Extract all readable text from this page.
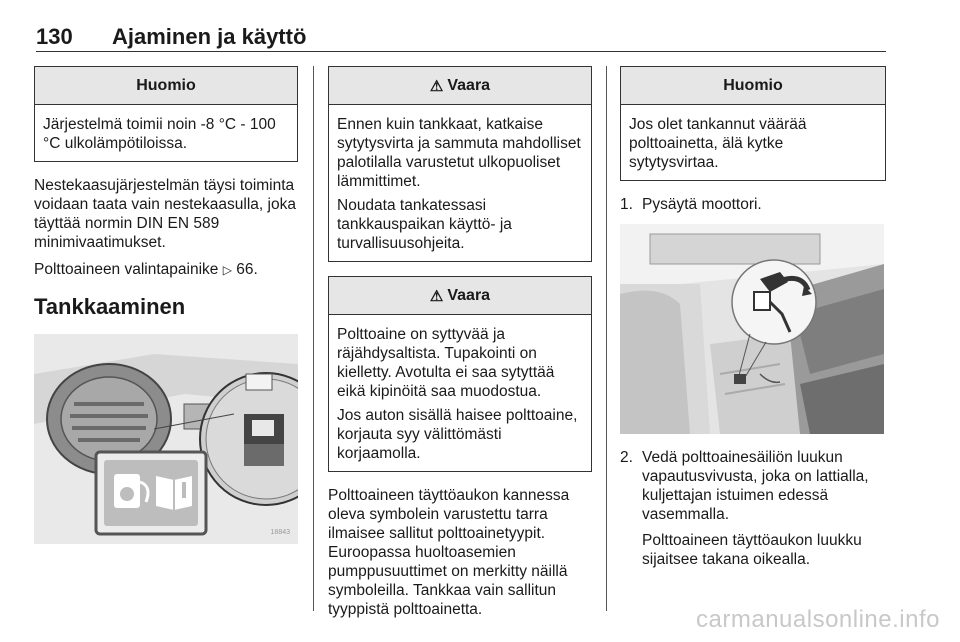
130 Ajaminen ja käyttö
Huomio

Järjestelmä toimii noin -8 °C - 100 °C ulkolämpötiloissa.

Nestekaasujärjestelmän täysi toiminta voidaan taata vain nestekaasulla, joka täyttää normin DIN EN 589 minimivaatimukset.

Polttoaineen valintapainike ▷ 66.

Tankkaaminen
18843
⚠ Vaara

Ennen kuin tankkaat, katkaise sytytysvirta ja sammuta mahdolliset palotilalla varustetut ulkopuoliset lämmittimet.

Noudata tankatessasi tankkauspaikan käyttö- ja turvallisuusohjeita.

⚠ Vaara

Polttoaine on syttyvää ja räjähdysaltista. Tupakointi on kielletty. Avotulta ei saa sytyttää eikä kipinöitä saa muodostua.

Jos auton sisällä haisee polttoaine, korjauta syy välittömästi korjaamolla.

Polttoaineen täyttöaukon kannessa oleva symbolein varustettu tarra ilmaisee sallitut polttoainetyypit. Euroopassa huoltoasemien pumppusuuttimet on merkitty näillä symboleilla. Tankkaa vain sallitun tyyppistä polttoainetta.

Huomio

Jos olet tankannut väärää polttoainetta, älä kytke sytytysvirtaa.

1. Pysäytä moottori.
2. Vedä polttoainesäiliön luukun vapautusvivusta, joka on lattialla, kuljettajan istuimen edessä vasemmalla.

Polttoaineen täyttöaukon luukku sijaitsee takana oikealla.

carmanualsonline.info
